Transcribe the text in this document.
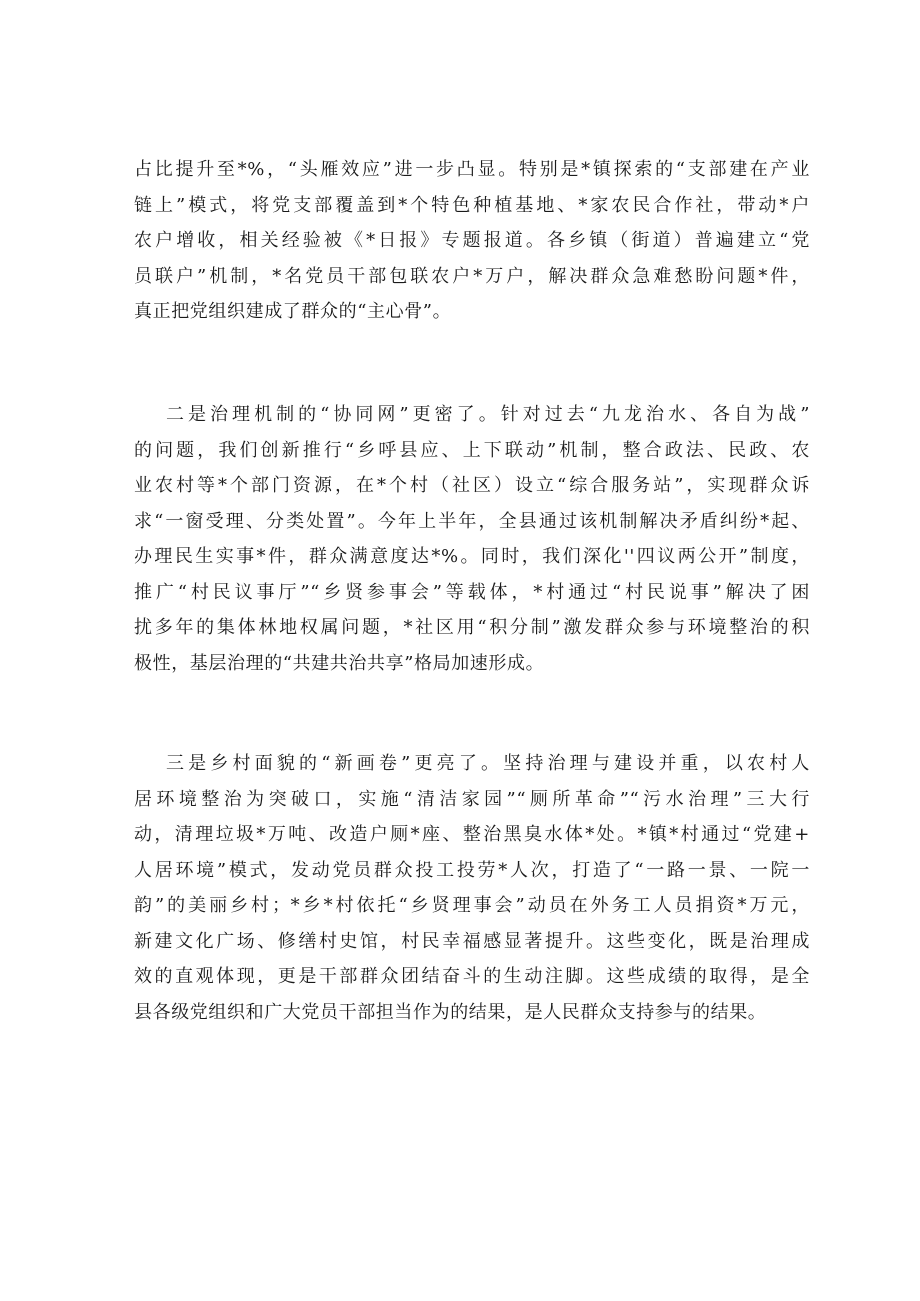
占比提升至*%，“头雁效应”进一步凸显。特别是*镇探索的“支部建在产业
链上”模式，将党支部覆盖到*个特色种植基地、*家农民合作社，带动*户
农户增收，相关经验被《*日报》专题报道。各乡镇（街道）普遍建立“党
员联户”机制，*名党员干部包联农户*万户，解决群众急难愁盼问题*件，
真正把党组织建成了群众的“主心骨”。
二是治理机制的“协同网”更密了。针对过去“九龙治水、各自为战”
的问题，我们创新推行“乡呼县应、上下联动”机制，整合政法、民政、农
业农村等*个部门资源，在*个村（社区）设立“综合服务站”，实现群众诉
求“一窗受理、分类处置”。今年上半年，全县通过该机制解决矛盾纠纷*起、
办理民生实事*件，群众满意度达*%。同时，我们深化''四议两公开”制度，
推广“村民议事厅”“乡贤参事会”等载体，*村通过“村民说事”解决了困
扰多年的集体林地权属问题，*社区用“积分制”激发群众参与环境整治的积
极性，基层治理的“共建共治共享”格局加速形成。
三是乡村面貌的“新画卷”更亮了。坚持治理与建设并重，以农村人
居环境整治为突破口，实施“清洁家园”“厕所革命”“污水治理”三大行
动，清理垃圾*万吨、改造户厕*座、整治黑臭水体*处。*镇*村通过“党建+
人居环境”模式，发动党员群众投工投劳*人次，打造了“一路一景、一院一
韵”的美丽乡村；*乡*村依托“乡贤理事会”动员在外务工人员捐资*万元，
新建文化广场、修缮村史馆，村民幸福感显著提升。这些变化，既是治理成
效的直观体现，更是干部群众团结奋斗的生动注脚。这些成绩的取得，是全
县各级党组织和广大党员干部担当作为的结果，是人民群众支持参与的结果。
